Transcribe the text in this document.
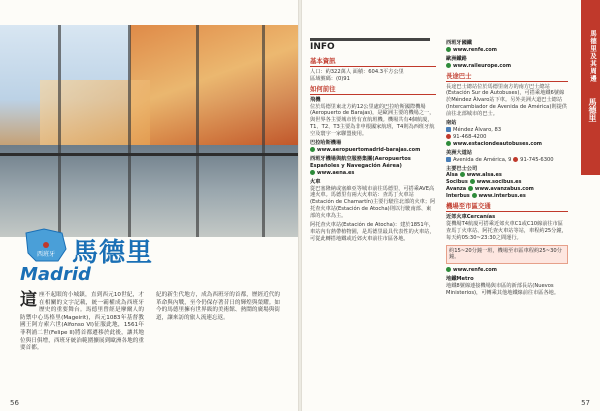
西班牙 馬德里
Madrid
這座不起眼的小城鎮，直到西元10世紀，才在相關的文字記載，統一霸權成為西班牙歷史的重要舞台。馬德里曾經是摩爾人的防禦中心馬格里(Mageirit)，西元1083年基督教國王阿方索六世(Alfonso VI)征服此地，1561年菲利浦二世(Felipe II)將首都遷移於此後，讓其地位與日俱增，西班牙統治範圍擴展到歐洲各地的重要首都。
紀的新生代地方，成為西班牙的首都，歷經近代的革命與內戰，至今仍保存著昔日的輝煌與榮耀。如今的馬德里擁有世界級的美術館、熱鬧的廣場與街道，讓來訪的旅人流連忘返。
56
INFO
基本資訊
人口：約322萬人 面積：604.3平方公里
區域號碼：(0)91
如何前往
飛機
位於馬德里東北方約12公里處的巴拉哈斯國際機場(Aeropuerto de Barajas)，是歐洲主要的機場之一，與世界各主要城市皆有直航班機。機場共有4個航廈，T1、T2、T3主要為非申根國家航班，T4則為西班牙航空及寰宇一家聯盟使用。
巴拉哈斯機場
www.aeropuertomadrid-barajas.com
西班牙機場與航空服務集團(Aeropuertos Españoles y Navegación Aérea)
www.aena.es
火車
從巴塞隆納或塞維亞等城市前往馬德里，可搭乘AVE高速火車。馬德里有兩大火車站：查馬丁火車站(Estación de Chamartín)主要行駛往北部的火車；阿托查火車站(Estación de Atocha)則以行駛南部、東部的火車為主。
阿托查火車站(Estación de Atocha)：建於1851年，車站內有熱帶植物園，是馬德里最具代表性的火車站，可從此轉搭地鐵或近郊火車前往市區各地。
西班牙國鐵
www.renfe.com
歐洲鐵路
www.raileurope.com
長途巴士
長途巴士總站位於馬德里南方的南方巴士總站(Estación Sur de Autobuses)，可搭乘地鐵6號線於Méndez Álvaro站下車。另外美洲大道巴士總站(Intercambiador de Avenida de América)則提供前往北部城市的巴士。
南站
Méndez Álvaro, 83
91-468-4200
www.estaciondeautobuses.com
美洲大道站
Avenida de América, 9 91-745-6300
主要巴士公司
Alsa www.alsa.es
Socibus www.socibus.es
Avanza www.avanzabus.com
Interbus www.interbus.es
機場至市區交通
近郊火車Cercanías
從機場T4航廈可搭乘近郊火車C1或C10線前往市區查馬丁火車站、阿托查火車站等站，車程約25分鐘，每天約05:30~23:30之間運行。
約15~20分鐘一班，機場至市區車程約25~30分鐘。
www.renfe.com
地鐵Metro
地鐵8號線連接機場與市區的新部長站(Nuevos Ministerios)，可轉乘其他地鐵線前往市區各地。
馬德里及其周邊
馬德里
57
